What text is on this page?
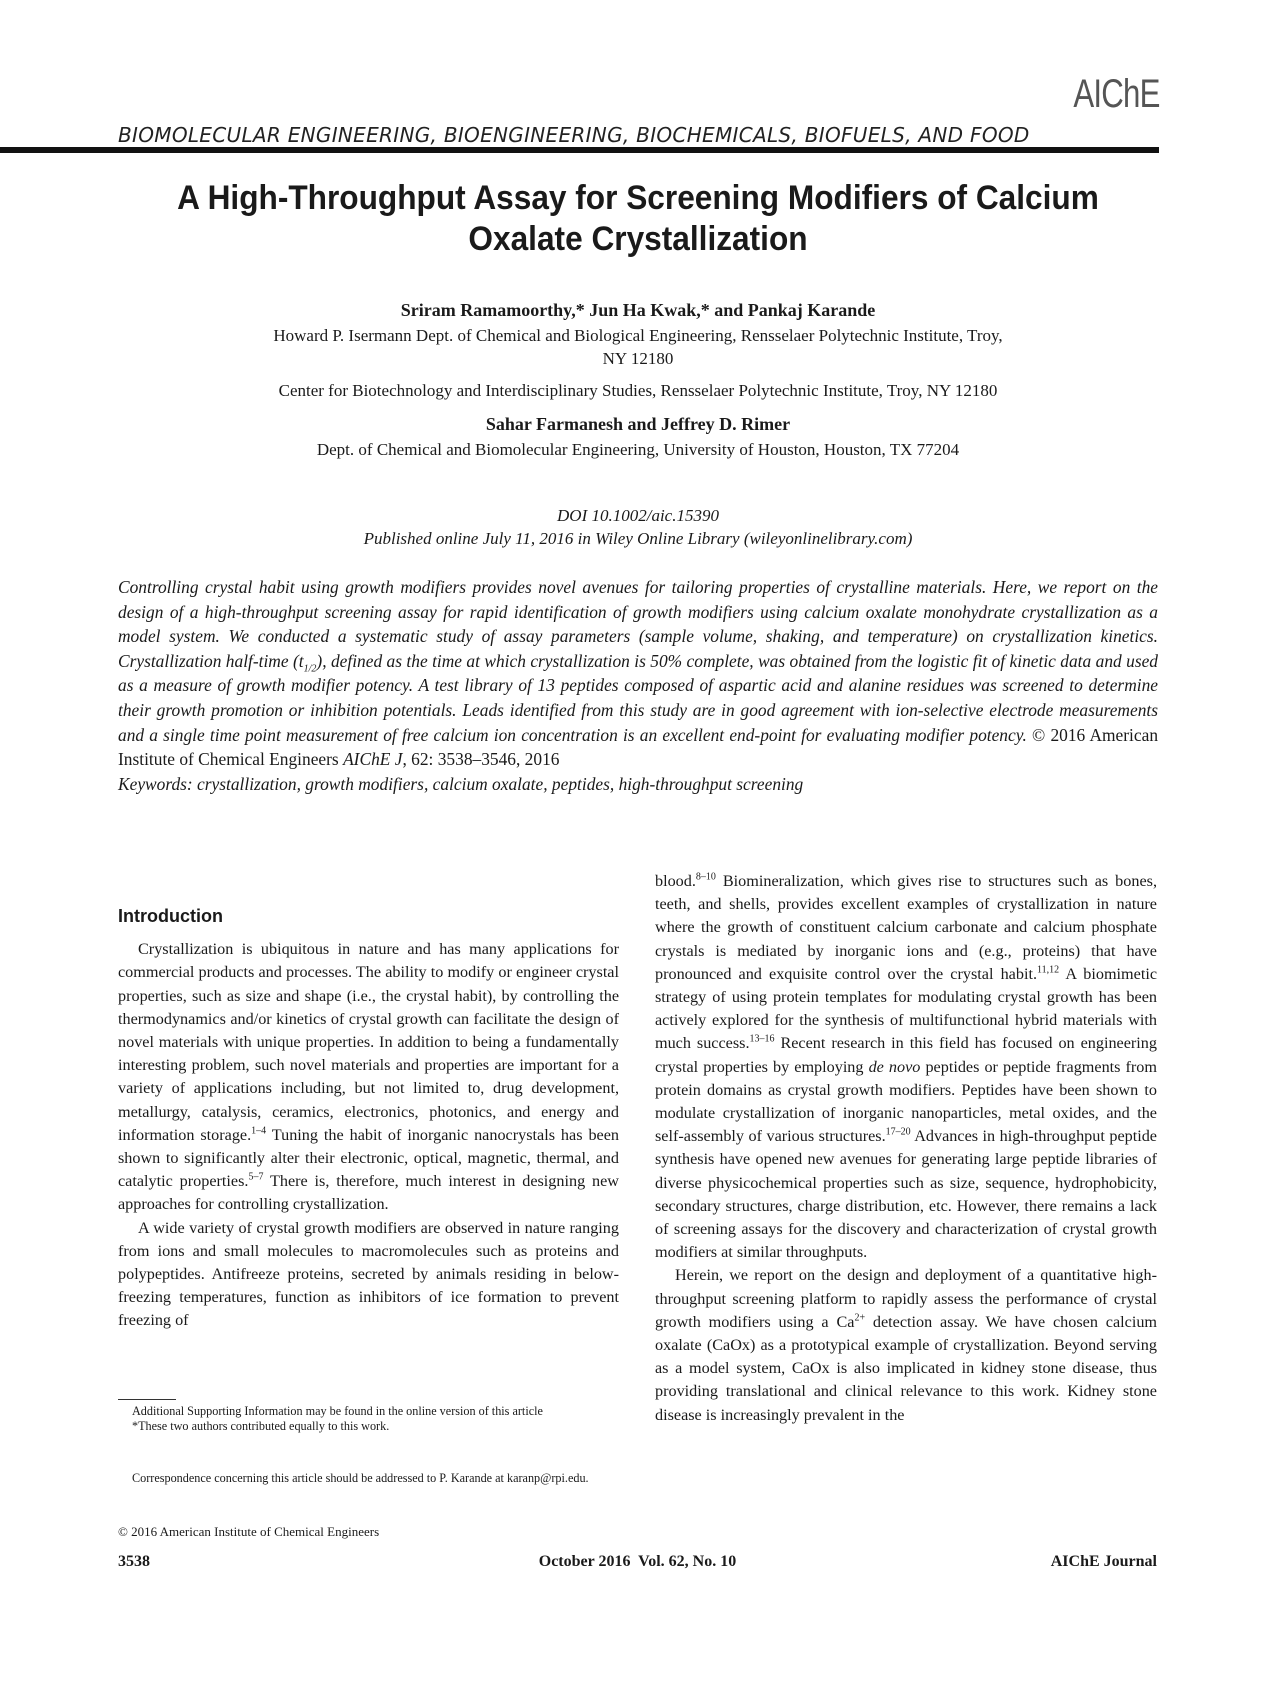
AIChE
BIOMOLECULAR ENGINEERING, BIOENGINEERING, BIOCHEMICALS, BIOFUELS, AND FOOD
A High-Throughput Assay for Screening Modifiers of Calcium
Oxalate Crystallization
Sriram Ramamoorthy,* Jun Ha Kwak,* and Pankaj Karande
Howard P. Isermann Dept. of Chemical and Biological Engineering, Rensselaer Polytechnic Institute, Troy,
NY 12180
Center for Biotechnology and Interdisciplinary Studies, Rensselaer Polytechnic Institute, Troy, NY 12180
Sahar Farmanesh and Jeffrey D. Rimer
Dept. of Chemical and Biomolecular Engineering, University of Houston, Houston, TX 77204
DOI 10.1002/aic.15390
Published online July 11, 2016 in Wiley Online Library (wileyonlinelibrary.com)
Controlling crystal habit using growth modifiers provides novel avenues for tailoring properties of crystalline materials. Here, we report on the design of a high-throughput screening assay for rapid identification of growth modifiers using calcium oxalate monohydrate crystallization as a model system. We conducted a systematic study of assay parameters (sample volume, shaking, and temperature) on crystallization kinetics. Crystallization half-time $(t_{1/2})$, defined as the time at which crystallization is 50% complete, was obtained from the logistic fit of kinetic data and used as a measure of growth modifier potency. A test library of 13 peptides composed of aspartic acid and alanine residues was screened to determine their growth promotion or inhibition potentials. Leads identified from this study are in good agreement with ion-selective electrode measurements and a single time point measurement of free calcium ion concentration is an excellent end-point for evaluating modifier potency. © 2016 American Institute of Chemical Engineers AIChE J, 62: 3538–3546, 2016
Keywords: crystallization, growth modifiers, calcium oxalate, peptides, high-throughput screening
Introduction

Crystallization is ubiquitous in nature and has many applications for commercial products and processes. The ability to modify or engineer crystal properties, such as size and shape (i.e., the crystal habit), by controlling the thermodynamics and/or kinetics of crystal growth can facilitate the design of novel materials with unique properties. In addition to being a fundamentally interesting problem, such novel materials and properties are important for a variety of applications including, but not limited to, drug development, metallurgy, catalysis, ceramics, electronics, photonics, and energy and information storage.$^{1-4}$ Tuning the habit of inorganic nanocrystals has been shown to significantly alter their electronic, optical, magnetic, thermal, and catalytic properties.$^{5-7}$ There is, therefore, much interest in designing new approaches for controlling crystallization.

A wide variety of crystal growth modifiers are observed in nature ranging from ions and small molecules to macromolecules such as proteins and polypeptides. Antifreeze proteins, secreted by animals residing in below-freezing temperatures, function as inhibitors of ice formation to prevent freezing of

blood.$^{8-10}$ Biomineralization, which gives rise to structures such as bones, teeth, and shells, provides excellent examples of crystallization in nature where the growth of constituent calcium carbonate and calcium phosphate crystals is mediated by inorganic ions and (e.g., proteins) that have pronounced and exquisite control over the crystal habit.$^{11,12}$ A biomimetic strategy of using protein templates for modulating crystal growth has been actively explored for the synthesis of multifunctional hybrid materials with much success.$^{13-16}$ Recent research in this field has focused on engineering crystal properties by employing de novo peptides or peptide fragments from protein domains as crystal growth modifiers. Peptides have been shown to modulate crystallization of inorganic nanoparticles, metal oxides, and the self-assembly of various structures.$^{17-20}$ Advances in high-throughput peptide synthesis have opened new avenues for generating large peptide libraries of diverse physicochemical properties such as size, sequence, hydrophobicity, secondary structures, charge distribution, etc. However, there remains a lack of screening assays for the discovery and characterization of crystal growth modifiers at similar throughputs.

Herein, we report on the design and deployment of a quantitative high-throughput screening platform to rapidly assess the performance of crystal growth modifiers using a $Ca^{2+}$ detection assay. We have chosen calcium oxalate (CaOx) as a prototypical example of crystallization. Beyond serving as a model system, CaOx is also implicated in kidney stone disease, thus providing translational and clinical relevance to this work. Kidney stone disease is increasingly prevalent in the

Additional Supporting Information may be found in the online version of this article

*These two authors contributed equally to this work.

Correspondence concerning this article should be addressed to P. Karande at karanp@rpi.edu.

© 2016 American Institute of Chemical Engineers
3538	October 2016  Vol. 62, No. 10	AIChE Journal
